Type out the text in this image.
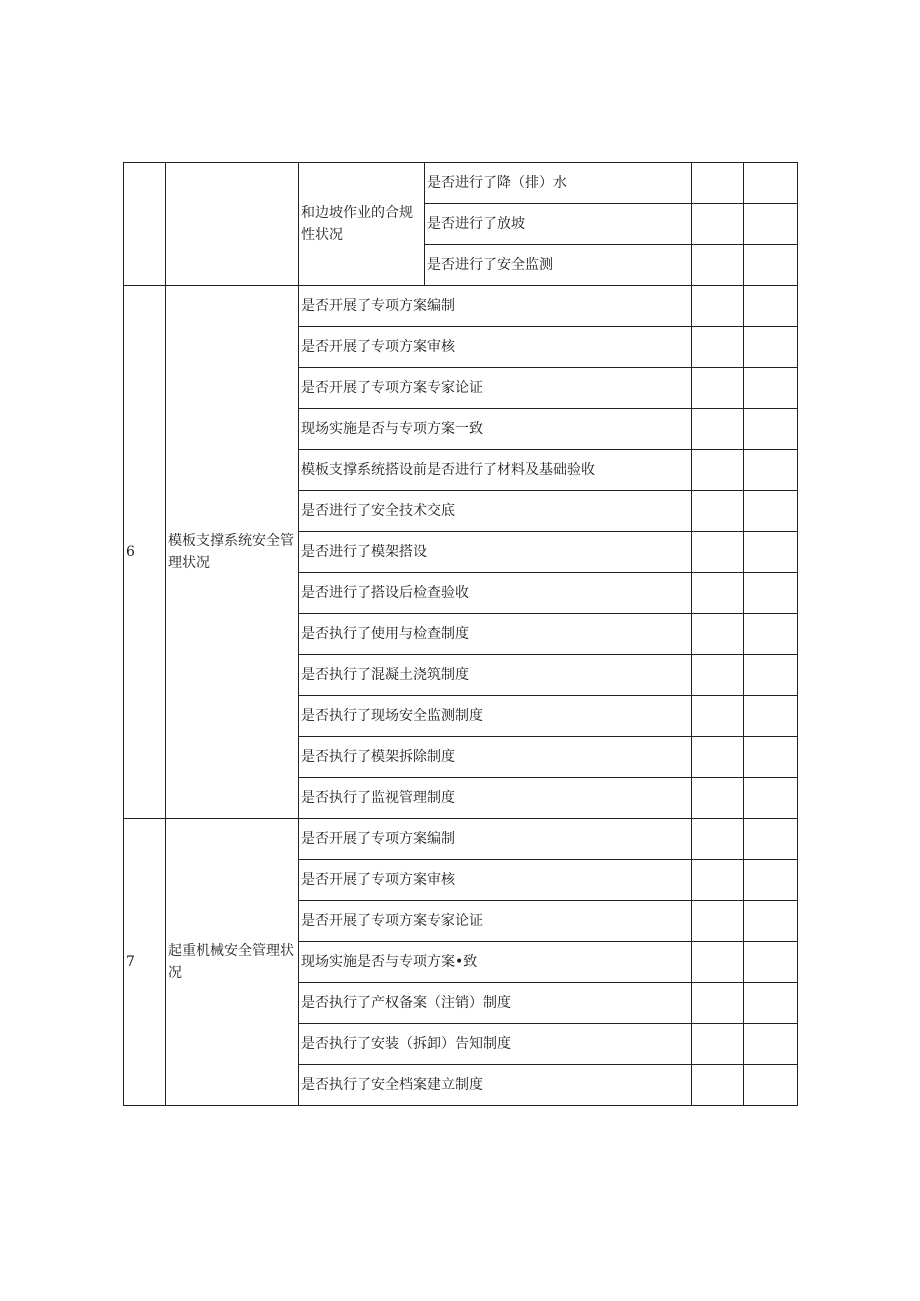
		和边坡作业的合规性状况	是否进行了降（排）水		
			是否进行了放坡		
			是否进行了安全监测		
6	模板支撑系统安全管理状况	是否开展了专项方案编制			
		是否开展了专项方案审核			
		是否开展了专项方案专家论证			
		现场实施是否与专项方案一致			
		模板支撑系统搭设前是否进行了材料及基础验收			
		是否进行了安全技术交底			
		是否进行了模架搭设			
		是否进行了搭设后检查验收			
		是否执行了使用与检查制度			
		是否执行了混凝土浇筑制度			
		是否执行了现场安全监测制度			
		是否执行了模架拆除制度			
		是否执行了监视管理制度			
7	起重机械安全管理状况	是否开展了专项方案编制			
		是否开展了专项方案审核			
		是否开展了专项方案专家论证			
		现场实施是否与专项方案•致			
		是否执行了产权备案（注销）制度			
		是否执行了安装（拆卸）告知制度			
		是否执行了安全档案建立制度			
